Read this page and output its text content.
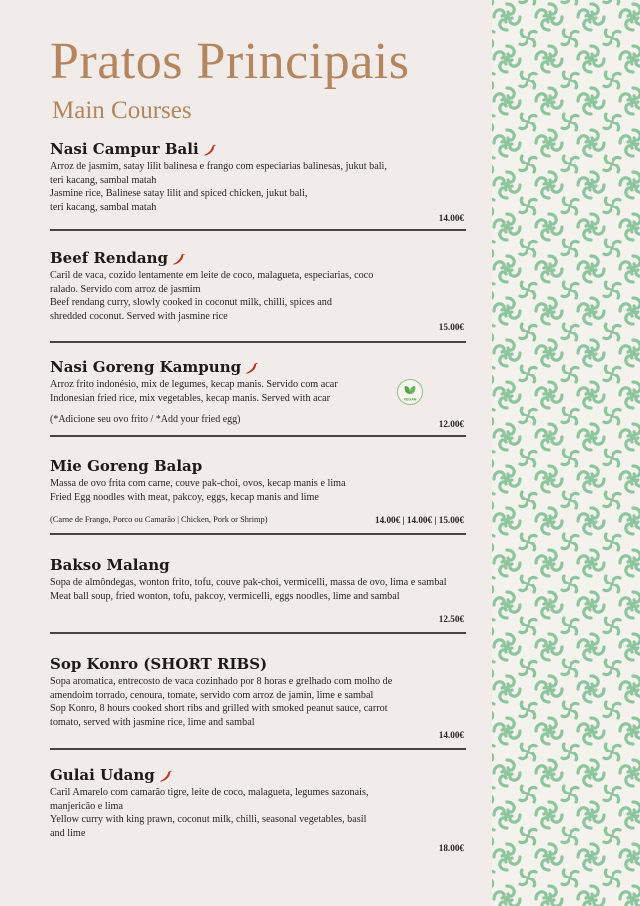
Pratos Principais
Main Courses
Nasi Campur Bali
Arroz de jasmim, satay lilit balinesa e frango com especiarias balinesas, jukut bali,
teri kacang, sambal matah
Jasmine rice, Balinese satay lilit and spiced chicken, jukut bali,
teri kacang, sambal matah
14.00€
Beef Rendang
Caril de vaca, cozido lentamente em leite de coco, malagueta, especiarias, coco
ralado. Servido com arroz de jasmim
Beef rendang curry, slowly cooked in coconut milk, chilli, spices and
shredded coconut. Served with jasmine rice
15.00€
Nasi Goreng Kampung
Arroz frito indonésio, mix de legumes, kecap manis. Servido com acar
Indonesian fried rice, mix vegetables, kecap manis. Served with acar
(*Adicione seu ovo frito / *Add your fried egg)
VEGAN
12.00€
Mie Goreng Balap
Massa de ovo frita com carne, couve pak-choi, ovos, kecap manis e lima
Fried Egg noodles with meat, pakcoy, eggs, kecap manis and lime
(Carne de Frango, Porco ou Camarão | Chicken, Pork or Shrimp)	14.00€ | 14.00€ | 15.00€
Bakso Malang
Sopa de almôndegas, wonton frito, tofu, couve pak-choi, vermicelli, massa de ovo, lima e sambal
Meat ball soup, fried wonton, tofu, pakcoy, vermicelli, eggs noodles, lime and sambal
12.50€
Sop Konro (SHORT RIBS)
Sopa aromatica, entrecosto de vaca cozinhado por 8 horas e grelhado com molho de
amendoim torrado, cenoura, tomate, servido com arroz de jamin, lime e sambal
Sop Konro, 8 hours cooked short ribs and grilled with smoked peanut sauce, carrot
tomato, served with jasmine rice, lime and sambal
14.00€
Gulai Udang
Caril Amarelo com camarão tigre, leite de coco, malagueta, legumes sazonais,
manjericão e lima
Yellow curry with king prawn, coconut milk, chilli, seasonal vegetables, basil
and lime
18.00€
